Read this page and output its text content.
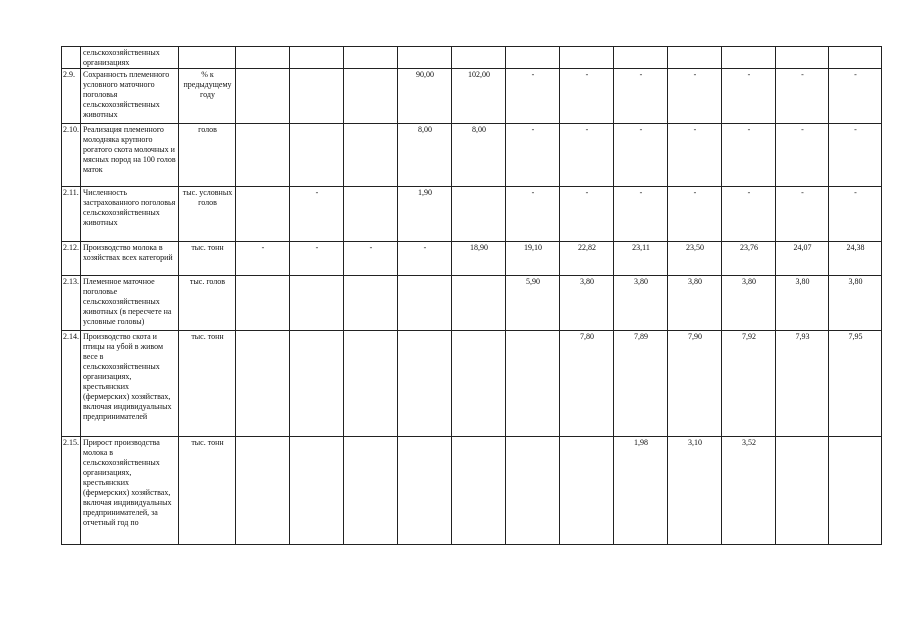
	сельскохозяйственных организациях													
2.9.	Сохранность племенного условного маточного поголовья сельскохозяйственных животных	% к предыдущему году				90,00	102,00	-	-	-	-	-	-	-
2.10.	Реализация племенного молодняка крупного рогатого скота молочных и мясных пород на 100 голов маток	голов				8,00	8,00	-	-	-	-	-	-	-
2.11.	Численность застрахованного поголовья сельскохозяйственных животных	тыс. условных голов		-		1,90		-	-	-	-	-	-	-
2.12.	Производство молока в хозяйствах всех категорий	тыс. тонн	-	-	-	-	18,90	19,10	22,82	23,11	23,50	23,76	24,07	24,38
2.13.	Племенное маточное поголовье сельскохозяйственных животных (в пересчете на условные головы)	тыс. голов						5,90	3,80	3,80	3,80	3,80	3,80	3,80
2.14.	Производство скота и птицы на убой в живом весе в сельскохозяйственных организациях, крестьянских (фермерских) хозяйствах, включая индивидуальных предпринимателей	тыс. тонн							7,80	7,89	7,90	7,92	7,93	7,95
2.15.	Прирост производства молока в сельскохозяйственных организациях, крестьянских (фермерских) хозяйствах, включая индивидуальных предпринимателей, за отчетный год по	тыс. тонн								1,98	3,10	3,52		
